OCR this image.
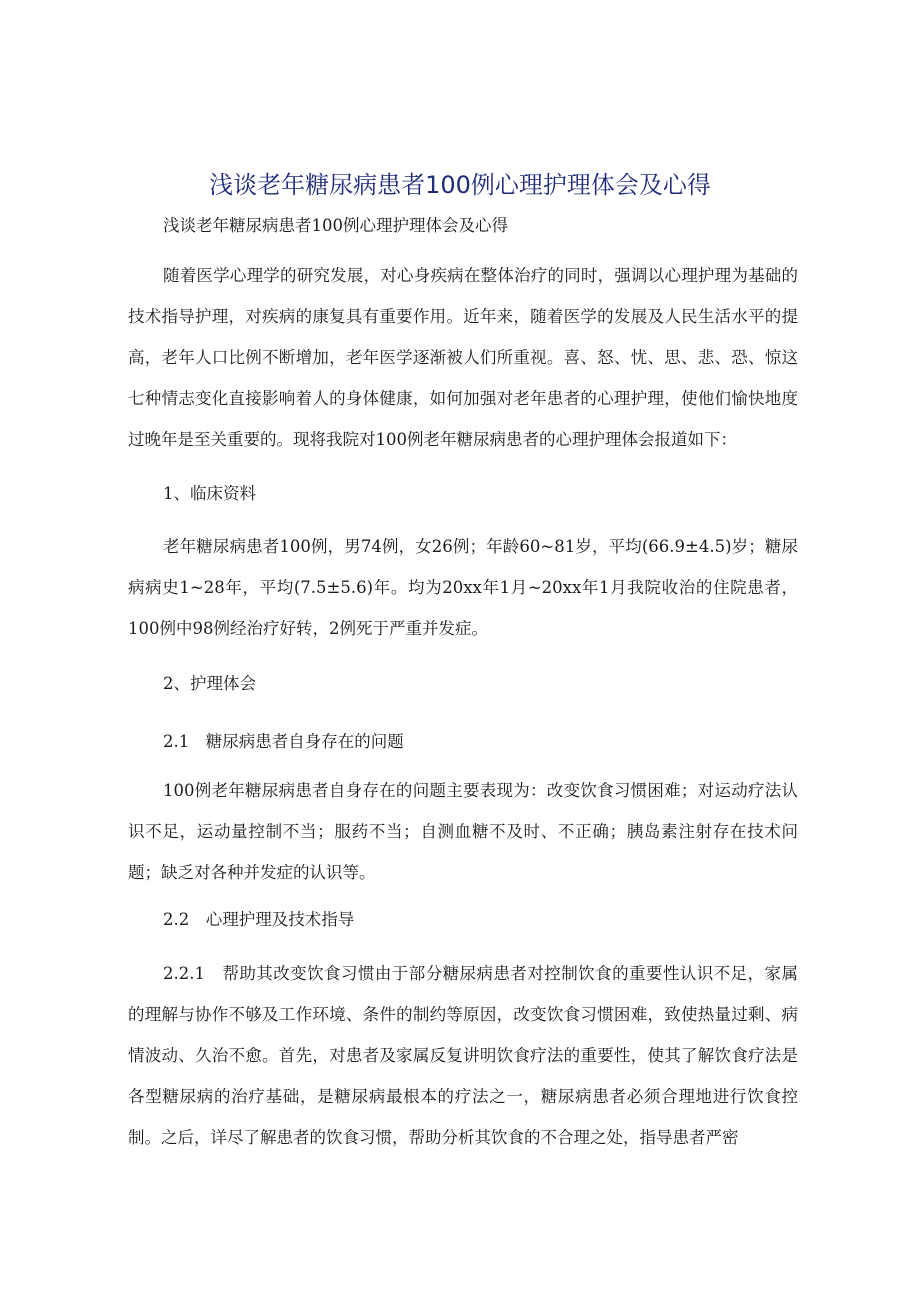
浅谈老年糖尿病患者100例心理护理体会及心得
浅谈老年糖尿病患者100例心理护理体会及心得
随着医学心理学的研究发展，对心身疾病在整体治疗的同时，强调以心理护理为基础的技术指导护理，对疾病的康复具有重要作用。近年来，随着医学的发展及人民生活水平的提高，老年人口比例不断增加，老年医学逐渐被人们所重视。喜、怒、忧、思、悲、恐、惊这七种情志变化直接影响着人的身体健康，如何加强对老年患者的心理护理，使他们愉快地度过晚年是至关重要的。现将我院对100例老年糖尿病患者的心理护理体会报道如下：
1、临床资料
老年糖尿病患者100例，男74例，女26例；年龄60~81岁，平均(66.9±4.5)岁；糖尿病病史1~28年，平均(7.5±5.6)年。均为20xx年1月~20xx年1月我院收治的住院患者，100例中98例经治疗好转，2例死于严重并发症。
2、护理体会
2.1　糖尿病患者自身存在的问题
100例老年糖尿病患者自身存在的问题主要表现为：改变饮食习惯困难；对运动疗法认识不足，运动量控制不当；服药不当；自测血糖不及时、不正确；胰岛素注射存在技术问题；缺乏对各种并发症的认识等。
2.2　心理护理及技术指导
2.2.1　帮助其改变饮食习惯由于部分糖尿病患者对控制饮食的重要性认识不足，家属的理解与协作不够及工作环境、条件的制约等原因，改变饮食习惯困难，致使热量过剩、病情波动、久治不愈。首先，对患者及家属反复讲明饮食疗法的重要性，使其了解饮食疗法是各型糖尿病的治疗基础，是糖尿病最根本的疗法之一，糖尿病患者必须合理地进行饮食控制。之后，详尽了解患者的饮食习惯，帮助分析其饮食的不合理之处，指导患者严密
